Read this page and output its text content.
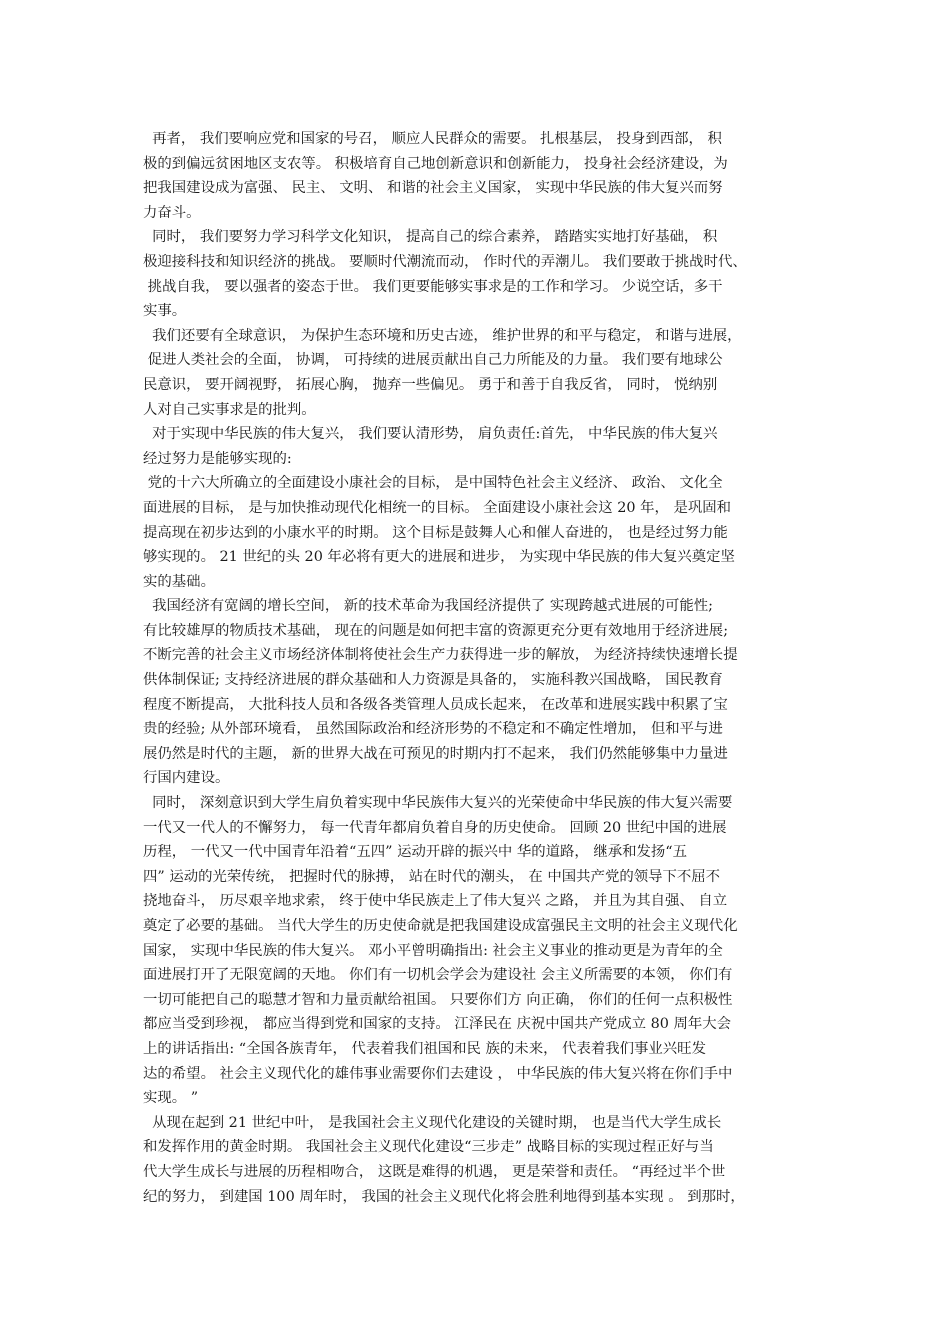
再者， 我们要响应党和国家的号召， 顺应人民群众的需要。 扎根基层， 投身到西部， 积
极的到偏远贫困地区支农等。 积极培育自己地创新意识和创新能力， 投身社会经济建设，为
把我国建设成为富强、 民主、 文明、 和谐的社会主义国家， 实现中华民族的伟大复兴而努
力奋斗。
同时， 我们要努力学习科学文化知识， 提高自己的综合素养， 踏踏实实地打好基础， 积
极迎接科技和知识经济的挑战。 要顺时代潮流而动， 作时代的弄潮儿。 我们要敢于挑战时代、
挑战自我， 要以强者的姿态于世。 我们更要能够实事求是的工作和学习。 少说空话，多干
实事。
我们还要有全球意识， 为保护生态环境和历史古迹， 维护世界的和平与稳定， 和谐与进展，
促进人类社会的全面， 协调， 可持续的进展贡献出自己力所能及的力量。 我们要有地球公
民意识， 要开阔视野， 拓展心胸， 抛弃一些偏见。 勇于和善于自我反省， 同时， 悦纳别
人对自己实事求是的批判。
对于实现中华民族的伟大复兴， 我们要认清形势， 肩负责任:首先， 中华民族的伟大复兴
经过努力是能够实现的:
党的十六大所确立的全面建设小康社会的目标， 是中国特色社会主义经济、 政治、 文化全
面进展的目标， 是与加快推动现代化相统一的目标。 全面建设小康社会这 20 年， 是巩固和
提高现在初步达到的小康水平的时期。 这个目标是鼓舞人心和催人奋进的， 也是经过努力能
够实现的。 21 世纪的头 20 年必将有更大的进展和进步， 为实现中华民族的伟大复兴奠定坚
实的基础。
我国经济有宽阔的增长空间， 新的技术革命为我国经济提供了 实现跨越式进展的可能性;
有比较雄厚的物质技术基础， 现在的问题是如何把丰富的资源更充分更有效地用于经济进展;
不断完善的社会主义市场经济体制将使社会生产力获得进一步的解放， 为经济持续快速增长提
供体制保证; 支持经济进展的群众基础和人力资源是具备的， 实施科教兴国战略， 国民教育
程度不断提高， 大批科技人员和各级各类管理人员成长起来， 在改革和进展实践中积累了宝
贵的经验; 从外部环境看， 虽然国际政治和经济形势的不稳定和不确定性增加， 但和平与进
展仍然是时代的主题， 新的世界大战在可预见的时期内打不起来， 我们仍然能够集中力量进
行国内建设。
同时， 深刻意识到大学生肩负着实现中华民族伟大复兴的光荣使命中华民族的伟大复兴需要
一代又一代人的不懈努力， 每一代青年都肩负着自身的历史使命。 回顾 20 世纪中国的进展
历程， 一代又一代中国青年沿着“五四” 运动开辟的振兴中 华的道路， 继承和发扬“五
四” 运动的光荣传统， 把握时代的脉搏， 站在时代的潮头， 在 中国共产党的领导下不屈不
挠地奋斗， 历尽艰辛地求索， 终于使中华民族走上了伟大复兴 之路， 并且为其自强、 自立
奠定了必要的基础。 当代大学生的历史使命就是把我国建设成富强民主文明的社会主义现代化
国家， 实现中华民族的伟大复兴。 邓小平曾明确指出: 社会主义事业的推动更是为青年的全
面进展打开了无限宽阔的天地。 你们有一切机会学会为建设社 会主义所需要的本领， 你们有
一切可能把自己的聪慧才智和力量贡献给祖国。 只要你们方 向正确， 你们的任何一点积极性
都应当受到珍视， 都应当得到党和国家的支持。 江泽民在 庆祝中国共产党成立 80 周年大会
上的讲话指出: “全国各族青年， 代表着我们祖国和民 族的未来， 代表着我们事业兴旺发
达的希望。 社会主义现代化的雄伟事业需要你们去建设 ， 中华民族的伟大复兴将在你们手中
实现。 ”
从现在起到 21 世纪中叶， 是我国社会主义现代化建设的关键时期， 也是当代大学生成长
和发挥作用的黄金时期。 我国社会主义现代化建设“三步走” 战略目标的实现过程正好与当
代大学生成长与进展的历程相吻合， 这既是难得的机遇， 更是荣誉和责任。 “再经过半个世
纪的努力， 到建国 100 周年时， 我国的社会主义现代化将会胜利地得到基本实现 。 到那时，
